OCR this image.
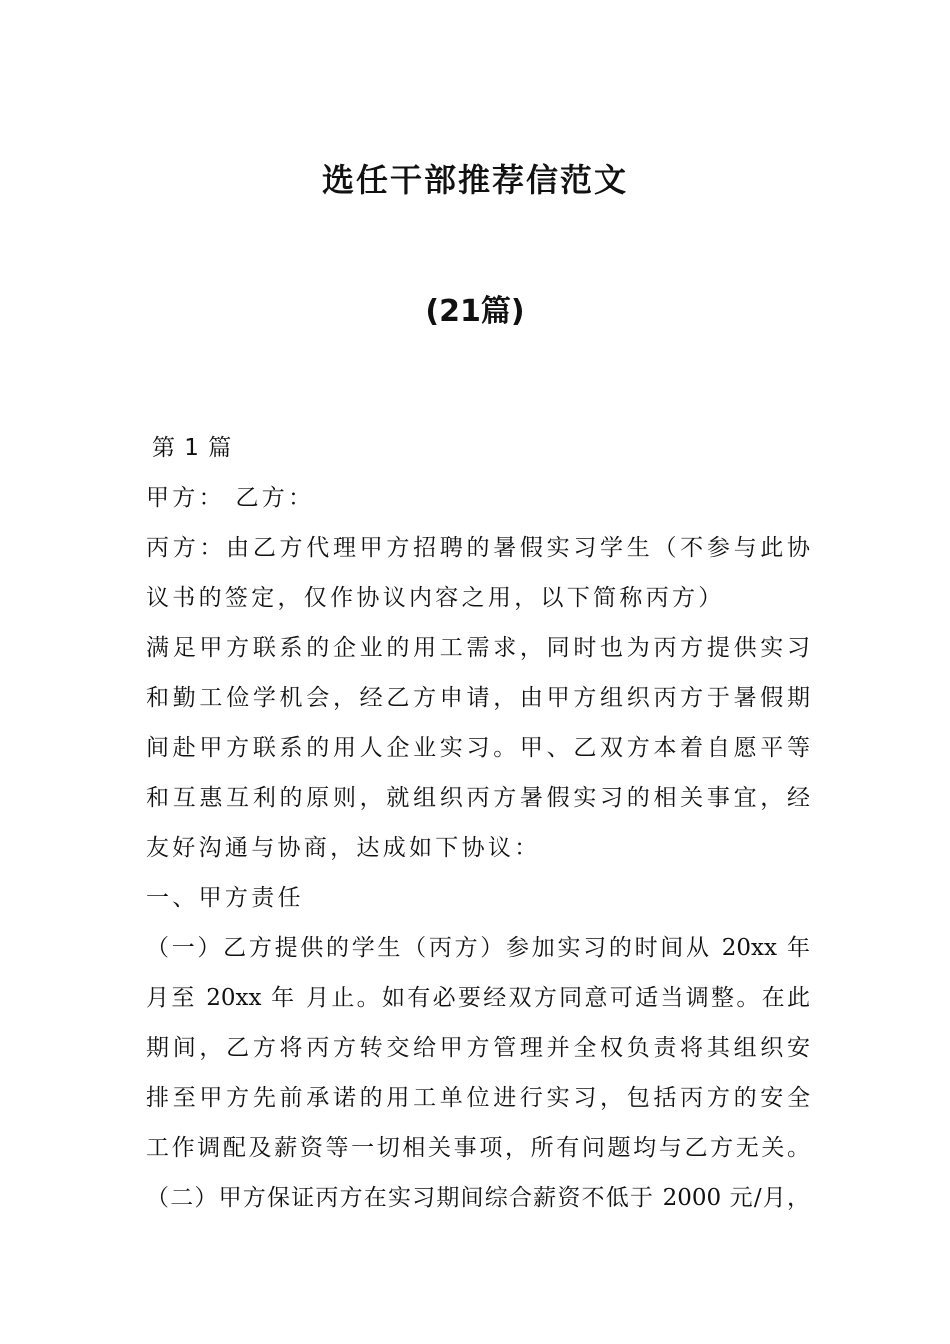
选任干部推荐信范文
(21篇)
第 1 篇
甲方： 乙方：
丙方：由乙方代理甲方招聘的暑假实习学生（不参与此协
议书的签定，仅作协议内容之用，以下简称丙方）
满足甲方联系的企业的用工需求，同时也为丙方提供实习
和勤工俭学机会，经乙方申请，由甲方组织丙方于暑假期
间赴甲方联系的用人企业实习。甲、乙双方本着自愿平等
和互惠互利的原则，就组织丙方暑假实习的相关事宜，经
友好沟通与协商，达成如下协议：
一、甲方责任
（一）乙方提供的学生（丙方）参加实习的时间从 20xx 年
月至 20xx 年 月止。如有必要经双方同意可适当调整。在此
期间，乙方将丙方转交给甲方管理并全权负责将其组织安
排至甲方先前承诺的用工单位进行实习，包括丙方的安全
工作调配及薪资等一切相关事项，所有问题均与乙方无关。
（二）甲方保证丙方在实习期间综合薪资不低于 2000 元/月，
